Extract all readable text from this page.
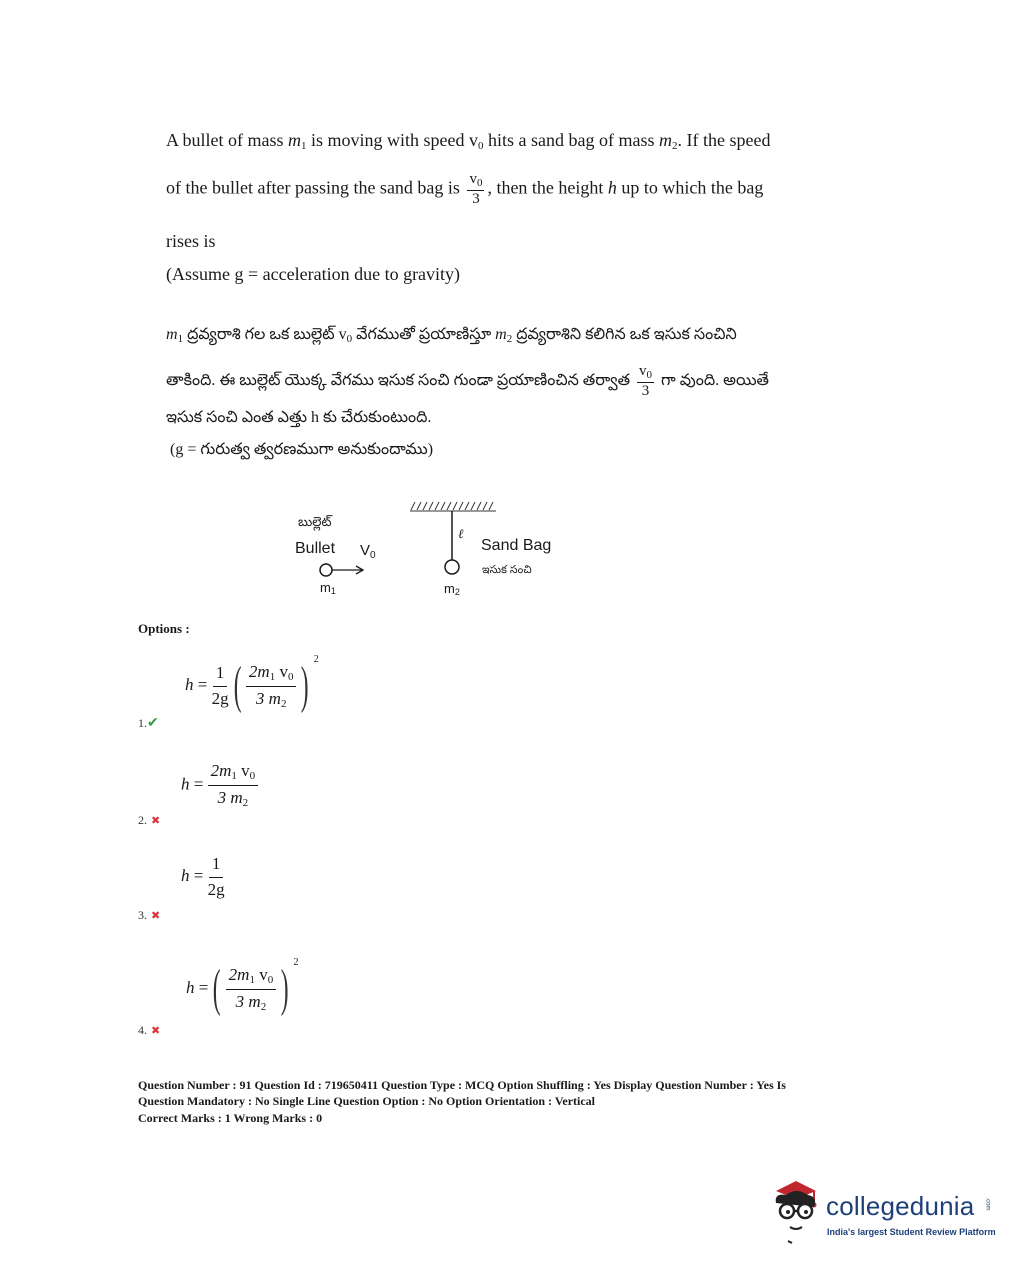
A bullet of mass $m_1$ is moving with speed $v_0$ hits a sand bag of mass $m_2$. If the speed
of the bullet after passing the sand bag is $\frac{v_0}{3}$ , then the height h up to which the bag
rises is
(Assume g = acceleration due to gravity)
$m_1$ ద్రవ్యరాశి గల ఒక బుల్లెట్ $v_0$ వేగముతో ప్రయాణిస్తూ $m_2$ ద్రవ్యరాశిని కలిగిన ఒక ఇసుక సంచిని
తాకింది. ఈ బుల్లెట్ యొక్క వేగము ఇసుక సంచి గుండా ప్రయాణించిన తర్వాత $\frac{v_0}{3}$ గా వుంది. అయితే
ఇసుక సంచి ఎంత ఎత్తు h కు చేరుకుంటుంది.
(g = గురుత్వ త్వరణముగా అనుకుందాము)
బుల్లెట్
Bullet $V_0$
m1
ℓ
Sand Bag
ఇసుక సంచి
m2
Options :
$h = \frac{1}{2g}$ ( $\frac{2m_1 v_0}{3 m_2}$ ) $^2$
1.✔
$h = \frac{2m_1 v_0}{3 m_2}$
2. ✖
$h = \frac{1}{2g}$
3. ✖
h =( $\frac{2m_1 v_0}{3 m_2}$ ) $^2$
4. ✖
Question Number : 91 Question Id : 719650411 Question Type : MCQ Option Shuffling : Yes Display Question Number : Yes Is
Question Mandatory : No Single Line Question Option : No Option Orientation : Vertical
Correct Marks : 1 Wrong Marks : 0
collegedunia .com
India's largest Student Review Platform
